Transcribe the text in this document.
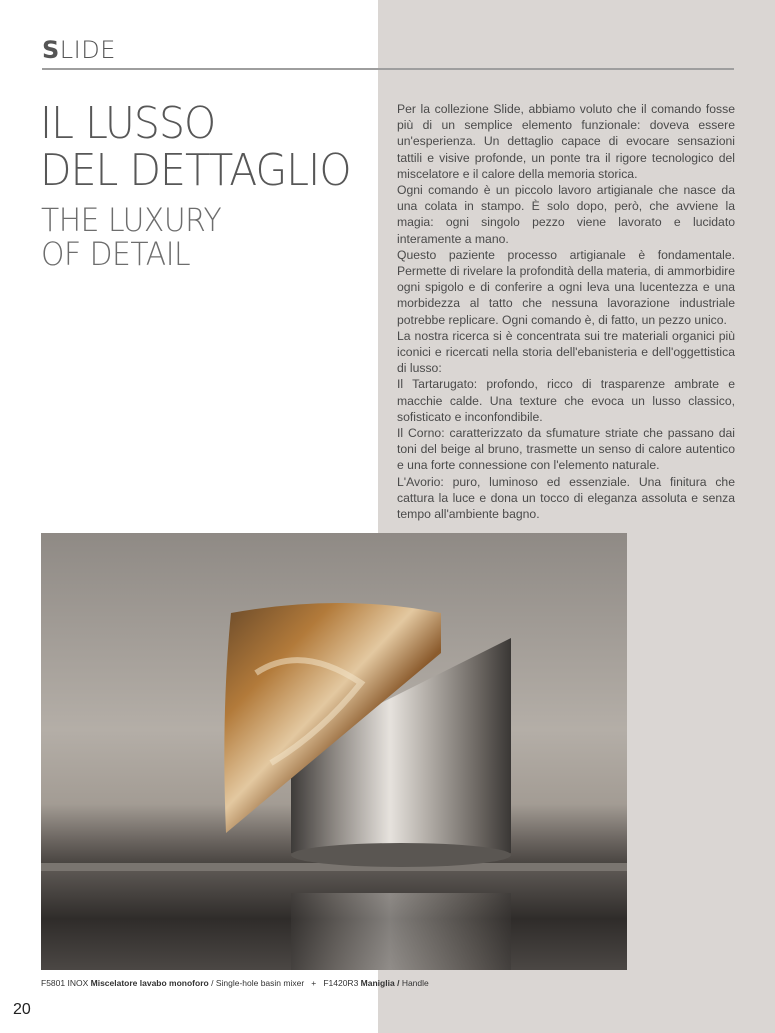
SLIDE
IL LUSSO
DEL DETTAGLIO
THE LUXURY
OF DETAIL

Per la collezione Slide, abbiamo voluto che il comando fosse più di un semplice elemento funzionale: doveva essere un'esperienza. Un dettaglio capace di evocare sensazioni tattili e visive profonde, un ponte tra il rigore tecnologico del miscelatore e il calore della memoria storica.

Ogni comando è un piccolo lavoro artigianale che nasce da una colata in stampo. È solo dopo, però, che avviene la magia: ogni singolo pezzo viene lavorato e lucidato interamente a mano.

Questo paziente processo artigianale è fondamentale. Permette di rivelare la profondità della materia, di ammorbidire ogni spigolo e di conferire a ogni leva una lucentezza e una morbidezza al tatto che nessuna lavorazione industriale potrebbe replicare. Ogni comando è, di fatto, un pezzo unico.

La nostra ricerca si è concentrata sui tre materiali organici più iconici e ricercati nella storia dell'ebanisteria e dell'oggettistica di lusso:

Il Tartarugato: profondo, ricco di trasparenze ambrate e macchie calde. Una texture che evoca un lusso classico, sofisticato e inconfondibile.

Il Corno: caratterizzato da sfumature striate che passano dai toni del beige al bruno, trasmette un senso di calore autentico e una forte connessione con l'elemento naturale.

L'Avorio: puro, luminoso ed essenziale. Una finitura che cattura la luce e dona un tocco di eleganza assoluta e senza tempo all'ambiente bagno.

F5801 INOX Miscelatore lavabo monoforo / Single-hole basin mixer + F1420R3 Maniglia / Handle
20
